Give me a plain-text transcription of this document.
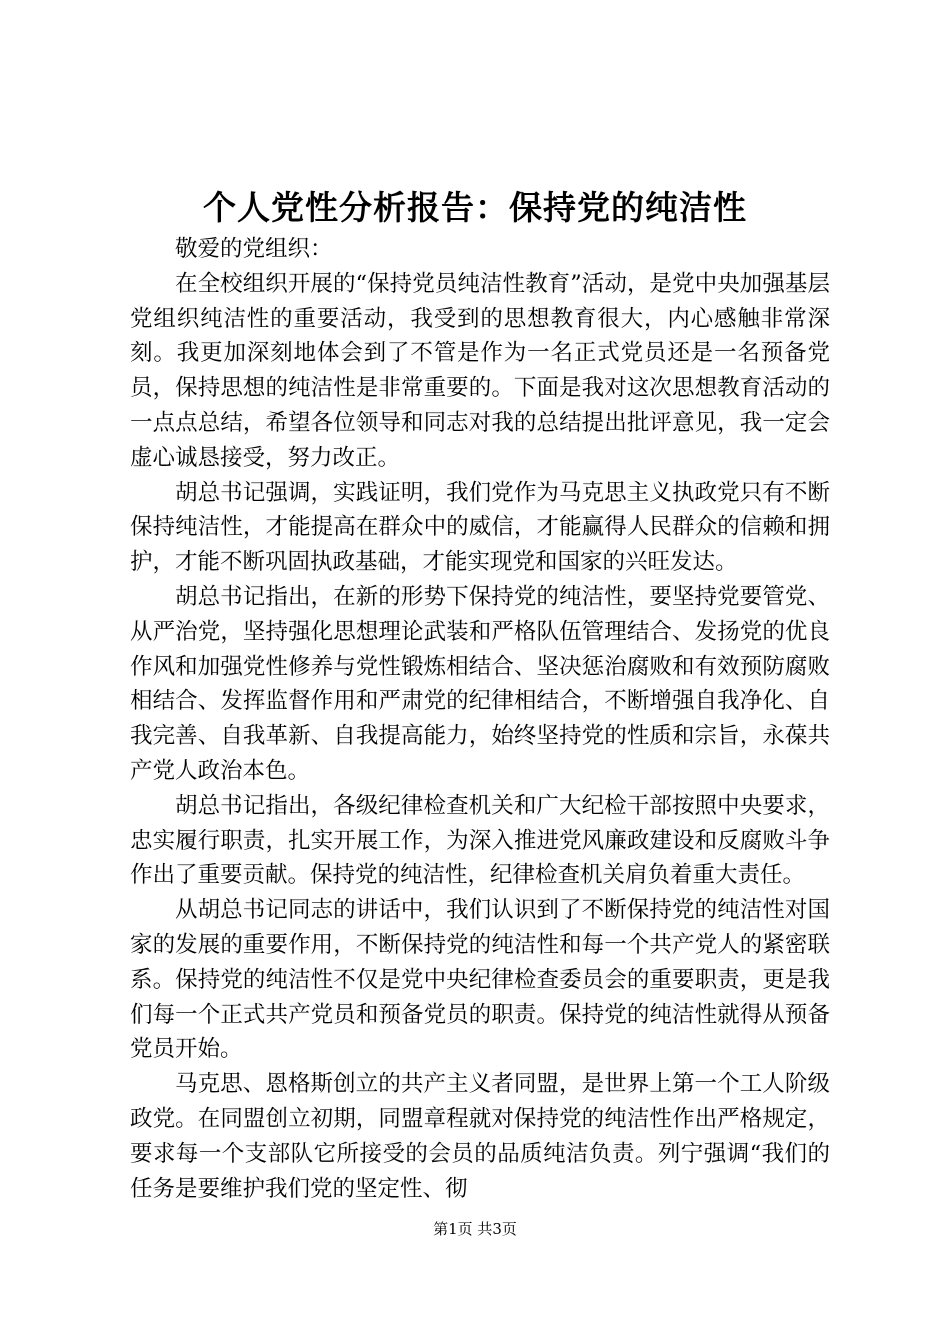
个人党性分析报告：保持党的纯洁性

敬爱的党组织：

在全校组织开展的“保持党员纯洁性教育”活动，是党中央加强基层党组织纯洁性的重要活动，我受到的思想教育很大，内心感触非常深刻。我更加深刻地体会到了不管是作为一名正式党员还是一名预备党员，保持思想的纯洁性是非常重要的。下面是我对这次思想教育活动的一点点总结，希望各位领导和同志对我的总结提出批评意见，我一定会虚心诚恳接受，努力改正。

胡总书记强调，实践证明，我们党作为马克思主义执政党只有不断保持纯洁性，才能提高在群众中的威信，才能赢得人民群众的信赖和拥护，才能不断巩固执政基础，才能实现党和国家的兴旺发达。

胡总书记指出，在新的形势下保持党的纯洁性，要坚持党要管党、从严治党，坚持强化思想理论武装和严格队伍管理结合、发扬党的优良作风和加强党性修养与党性锻炼相结合、坚决惩治腐败和有效预防腐败相结合、发挥监督作用和严肃党的纪律相结合，不断增强自我净化、自我完善、自我革新、自我提高能力，始终坚持党的性质和宗旨，永葆共产党人政治本色。

胡总书记指出，各级纪律检查机关和广大纪检干部按照中央要求，忠实履行职责，扎实开展工作，为深入推进党风廉政建设和反腐败斗争作出了重要贡献。保持党的纯洁性，纪律检查机关肩负着重大责任。

从胡总书记同志的讲话中，我们认识到了不断保持党的纯洁性对国家的发展的重要作用，不断保持党的纯洁性和每一个共产党人的紧密联系。保持党的纯洁性不仅是党中央纪律检查委员会的重要职责，更是我们每一个正式共产党员和预备党员的职责。保持党的纯洁性就得从预备党员开始。

马克思、恩格斯创立的共产主义者同盟，是世界上第一个工人阶级政党。在同盟创立初期，同盟章程就对保持党的纯洁性作出严格规定，要求每一个支部队它所接受的会员的品质纯洁负责。列宁强调“我们的任务是要维护我们党的坚定性、彻

第1页 共3页
